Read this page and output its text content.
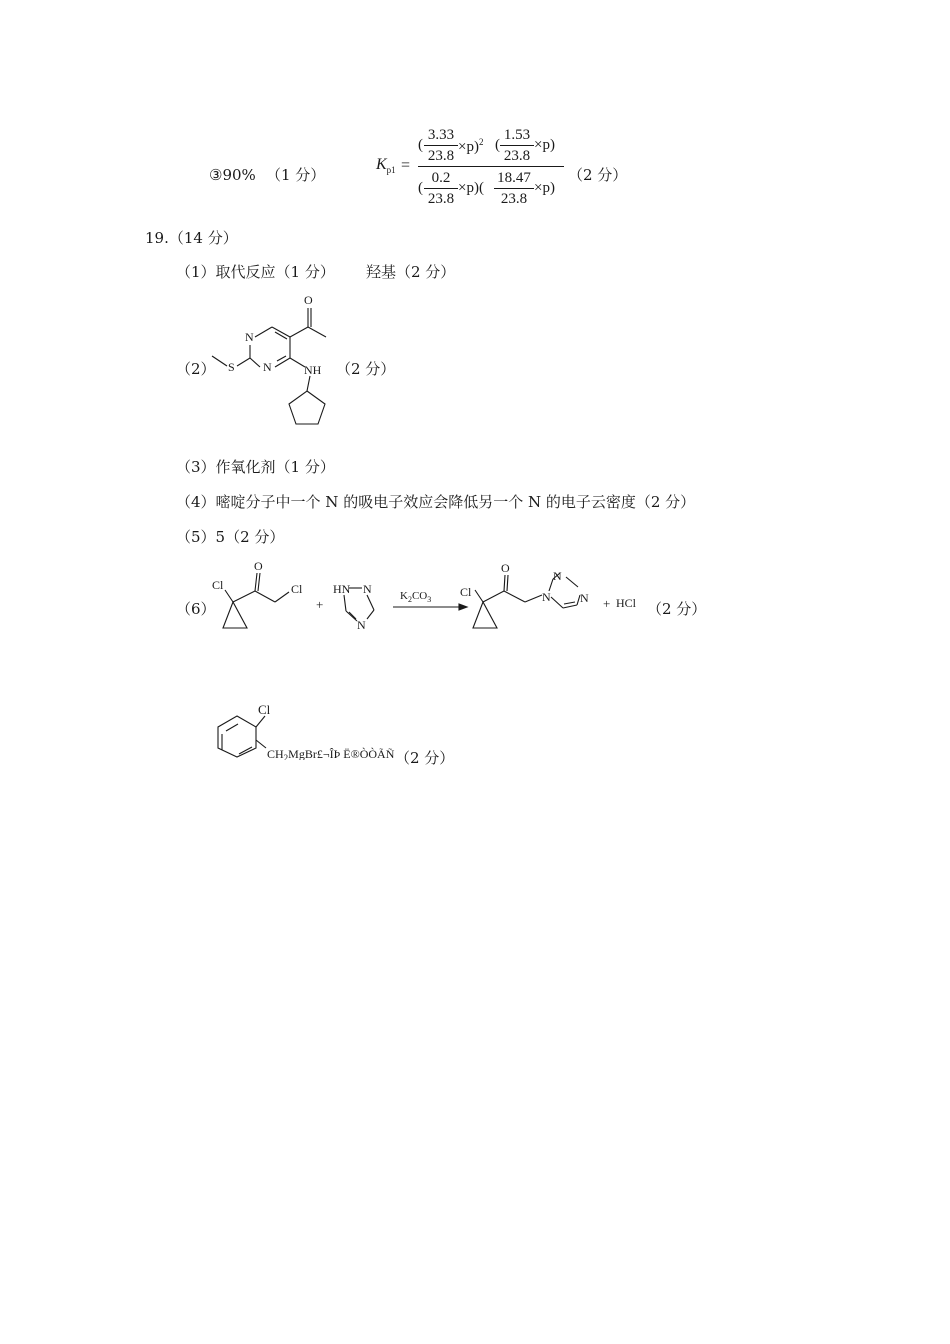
③90% （1 分）
$K_{p1}$ =
(
3.33
23.8
×p)$^2$ (
1.53
23.8
×p)
(
0.2
23.8
×p)(
18.47
23.8
×p)
（2 分）
19.（14 分）
（1）取代反应（1 分） 羟基（2 分）
（2）
O
N
N
S	NH （2 分）
（3）作氧化剂（1 分）
（4）嘧啶分子中一个 N 的吸电子效应会降低另一个 N 的电子云密度（2 分）
（5）5（2 分）
（6）
Cl
O
Cl
+
HN N
N
$K_2CO_3$
Cl
O
N
N
N + HCl （2 分）
Cl
$CH_2MgBr£\neg ÎÞ$ Ë®ÒÒÃÑ （2 分）
